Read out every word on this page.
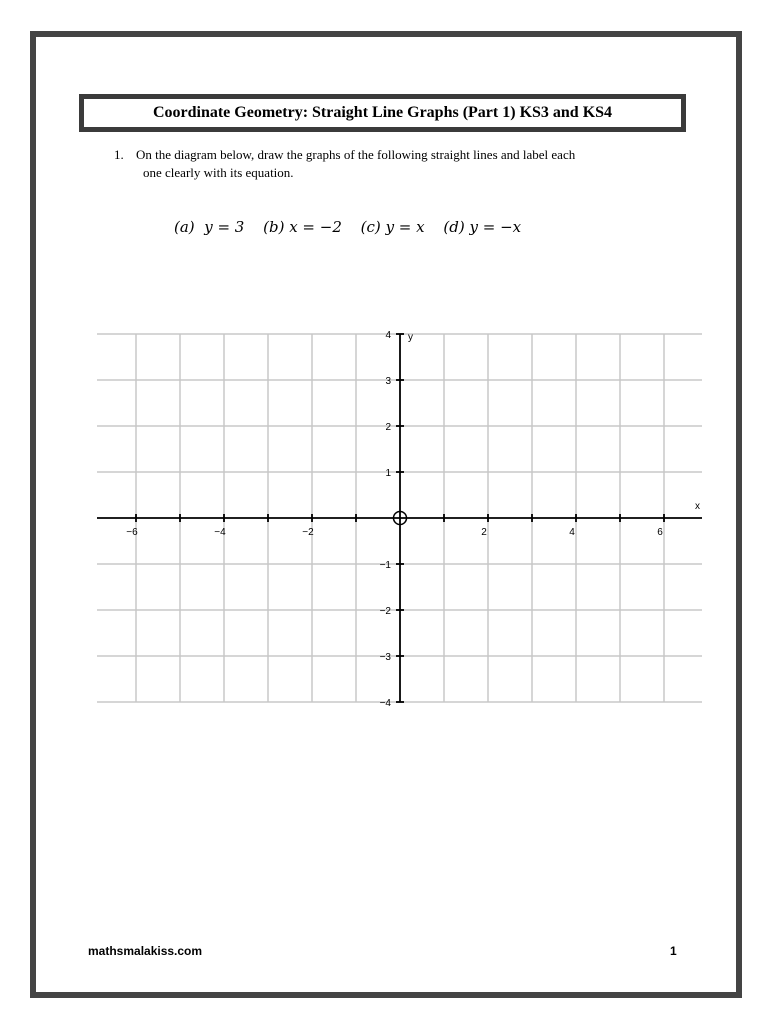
Coordinate Geometry: Straight Line Graphs (Part 1) KS3 and KS4
1. On the diagram below, draw the graphs of the following straight lines and label each
one clearly with its equation.
(a) y = 3 (b) x = −2 (c) y = x (d) y = −x
−6	−4	−2	2	4	6
4
3
2
1
−1
−2
−3
−4
x
y
mathsmalakiss.com	1
